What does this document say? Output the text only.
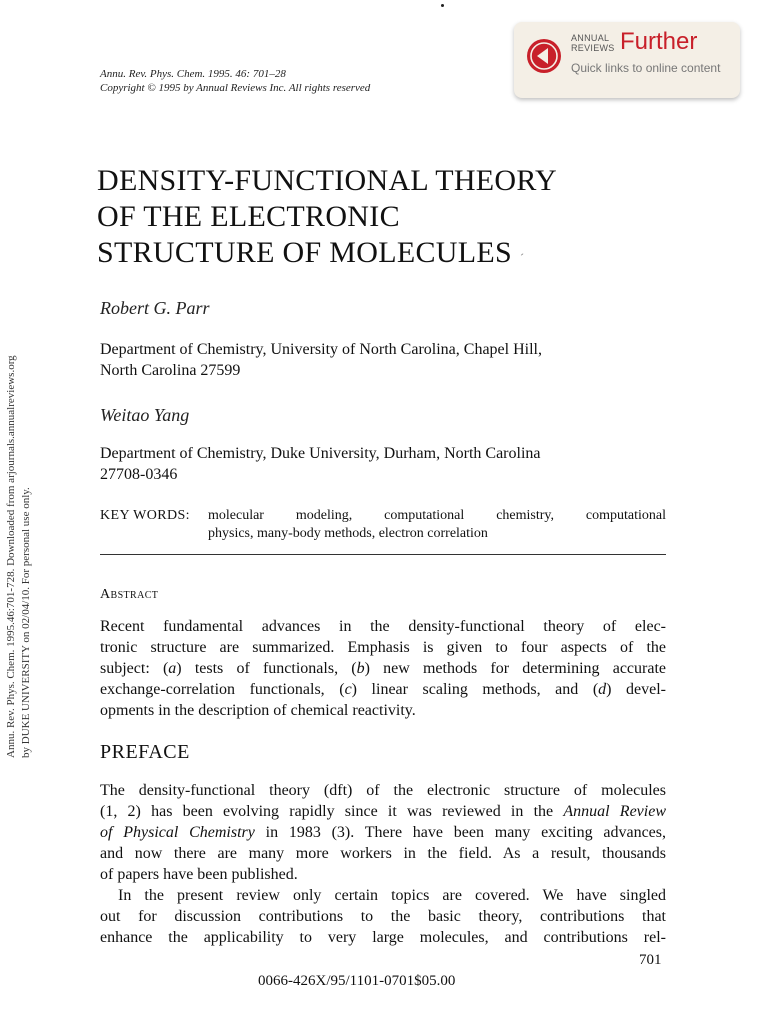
Annu. Rev. Phys. Chem. 1995.46:701-728. Downloaded from arjournals.annualreviews.org by DUKE UNIVERSITY on 02/04/10. For personal use only.
ANNUAL
REVIEWS Further
Quick links to online content
Annu. Rev. Phys. Chem. 1995. 46: 701–28
Copyright © 1995 by Annual Reviews Inc. All rights reserved
DENSITY-FUNCTIONAL THEORY
OF THE ELECTRONIC
STRUCTURE OF MOLECULES ˊ
Robert G. Parr
Department of Chemistry, University of North Carolina, Chapel Hill,
North Carolina 27599
Weitao Yang
Department of Chemistry, Duke University, Durham, North Carolina
27708-0346
KEY WORDS: molecular modeling, computational chemistry, computational
physics, many-body methods, electron correlation
Abstract
Recent fundamental advances in the density-functional theory of elec-
tronic structure are summarized. Emphasis is given to four aspects of the
subject: (a) tests of functionals, (b) new methods for determining accurate
exchange-correlation functionals, (c) linear scaling methods, and (d) devel-
opments in the description of chemical reactivity.
PREFACE
The density-functional theory (dft) of the electronic structure of molecules
(1, 2) has been evolving rapidly since it was reviewed in the Annual Review
of Physical Chemistry in 1983 (3). There have been many exciting advances,
and now there are many more workers in the field. As a result, thousands
of papers have been published.
In the present review only certain topics are covered. We have singled
out for discussion contributions to the basic theory, contributions that
enhance the applicability to very large molecules, and contributions rel-
701
0066-426X/95/1101-0701$05.00
